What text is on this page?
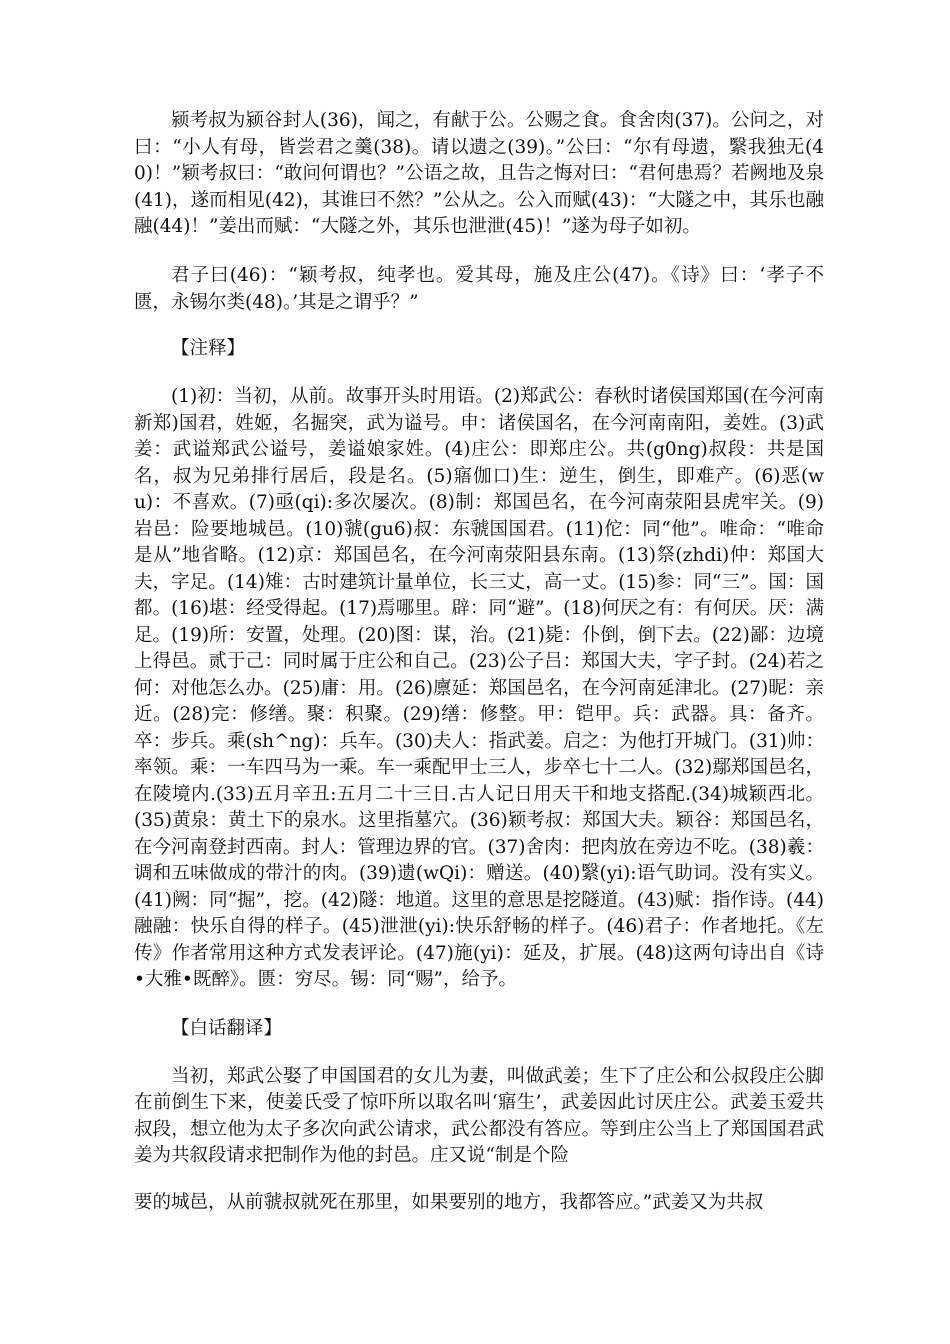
颍考叔为颍谷封人(36)，闻之，有献于公。公赐之食。食舍肉(37)。公问之，对曰：“小人有母，皆尝君之羹(38)。请以遗之(39)。”公曰：“尔有母遗，繄我独无(40)！”颖考叔曰：“敢问何谓也？”公语之故，且告之悔对曰：“君何患焉？若阙地及泉(41)，遂而相见(42)，其谁曰不然？”公从之。公入而赋(43)：“大隧之中，其乐也融融(44)！”姜出而赋：“大隧之外，其乐也泄泄(45)！”遂为母子如初。

君子曰(46)：“颖考叔，纯孝也。爱其母，施及庄公(47)。《诗》曰：‘孝子不匮，永锡尔类(48)。’其是之谓乎？”

【注释】

(1)初：当初，从前。故事开头时用语。(2)郑武公：春秋时诸侯国郑国(在今河南新郑)国君，姓姬，名掘突，武为谥号。申：诸侯国名，在今河南南阳，姜姓。(3)武姜：武谥郑武公谥号，姜谥娘家姓。(4)庄公：即郑庄公。共(g0ng)叔段：共是国名，叔为兄弟排行居后，段是名。(5)寤伽口)生：逆生，倒生，即难产。(6)恶(wu)：不喜欢。(7)亟(qi):多次屡次。(8)制：郑国邑名，在今河南荥阳县虎牢关。(9)岩邑：险要地城邑。(10)虢(gu6)叔：东虢国国君。(11)佗：同“他”。唯命：“唯命是从”地省略。(12)京：郑国邑名，在今河南荥阳县东南。(13)祭(zhdi)仲：郑国大夫，字足。(14)雉：古时建筑计量单位，长三丈，高一丈。(15)参：同“三”。国：国都。(16)堪：经受得起。(17)焉哪里。辟：同“避”。(18)何厌之有：有何厌。厌：满足。(19)所：安置，处理。(20)图：谋，治。(21)毙：仆倒，倒下去。(22)鄙：边境上得邑。贰于己：同时属于庄公和自己。(23)公子吕：郑国大夫，字子封。(24)若之何：对他怎么办。(25)庸：用。(26)廪延：郑国邑名，在今河南延津北。(27)昵：亲近。(28)完：修缮。聚：积聚。(29)缮：修整。甲：铠甲。兵：武器。具：备齐。卒：步兵。乘(sh^ng)：兵车。(30)夫人：指武姜。启之：为他打开城门。(31)帅：率领。乘：一车四马为一乘。车一乘配甲士三人，步卒七十二人。(32)鄢郑国邑名，在陵境内.(33)五月辛丑:五月二十三日.古人记日用天干和地支搭配.(34)城颖西北。(35)黄泉：黄土下的泉水。这里指墓穴。(36)颖考叔：郑国大夫。颖谷：郑国邑名，在今河南登封西南。封人：管理边界的官。(37)舍肉：把肉放在旁边不吃。(38)羲：调和五味做成的带汁的肉。(39)遗(wQi)：赠送。(40)繄(yi):语气助词。没有实义。(41)阙：同“掘”，挖。(42)隧：地道。这里的意思是挖隧道。(43)赋：指作诗。(44)融融：快乐自得的样子。(45)泄泄(yi):快乐舒畅的样子。(46)君子：作者地托。《左传》作者常用这种方式发表评论。(47)施(yi)：延及，扩展。(48)这两句诗出自《诗•大雅•既醉》。匮：穷尽。锡：同“赐”，给予。

【白话翻译】

当初，郑武公娶了申国国君的女儿为妻，叫做武姜；生下了庄公和公叔段庄公脚在前倒生下来，使姜氏受了惊吓所以取名叫‘寤生’，武姜因此讨厌庄公。武姜玉爱共叔段，想立他为太子多次向武公请求，武公都没有答应。等到庄公当上了郑国国君武姜为共叙段请求把制作为他的封邑。庄又说“制是个险

要的城邑，从前虢叔就死在那里，如果要别的地方，我都答应。”武姜又为共叔
